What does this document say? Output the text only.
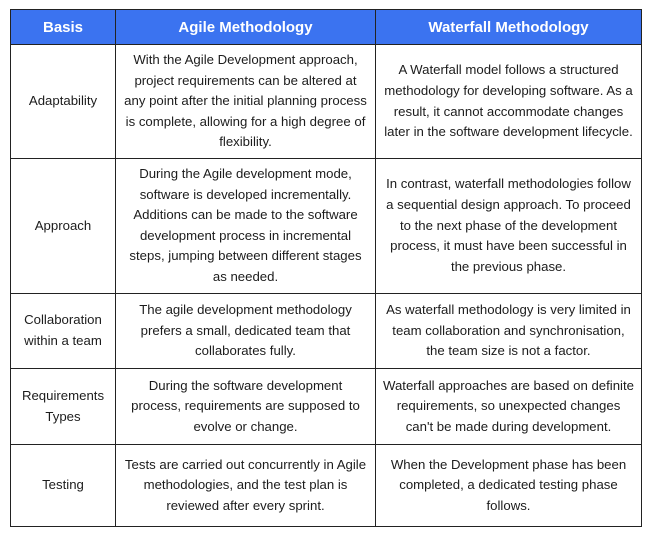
Basis	Agile Methodology	Waterfall Methodology
Adaptability	With the Agile Development approach, project requirements can be altered at any point after the initial planning process is complete, allowing for a high degree of flexibility.	A Waterfall model follows a structured methodology for developing software. As a result, it cannot accommodate changes later in the software development lifecycle.
Approach	During the Agile development mode, software is developed incrementally. Additions can be made to the software development process in incremental steps, jumping between different stages as needed.	In contrast, waterfall methodologies follow a sequential design approach. To proceed to the next phase of the development process, it must have been successful in the previous phase.
Collaboration within a team	The agile development methodology prefers a small, dedicated team that collaborates fully.	As waterfall methodology is very limited in team collaboration and synchronisation, the team size is not a factor.
Requirements Types	During the software development process, requirements are supposed to evolve or change.	Waterfall approaches are based on definite requirements, so unexpected changes can't be made during development.
Testing	Tests are carried out concurrently in Agile methodologies, and the test plan is reviewed after every sprint.	When the Development phase has been completed, a dedicated testing phase follows.
